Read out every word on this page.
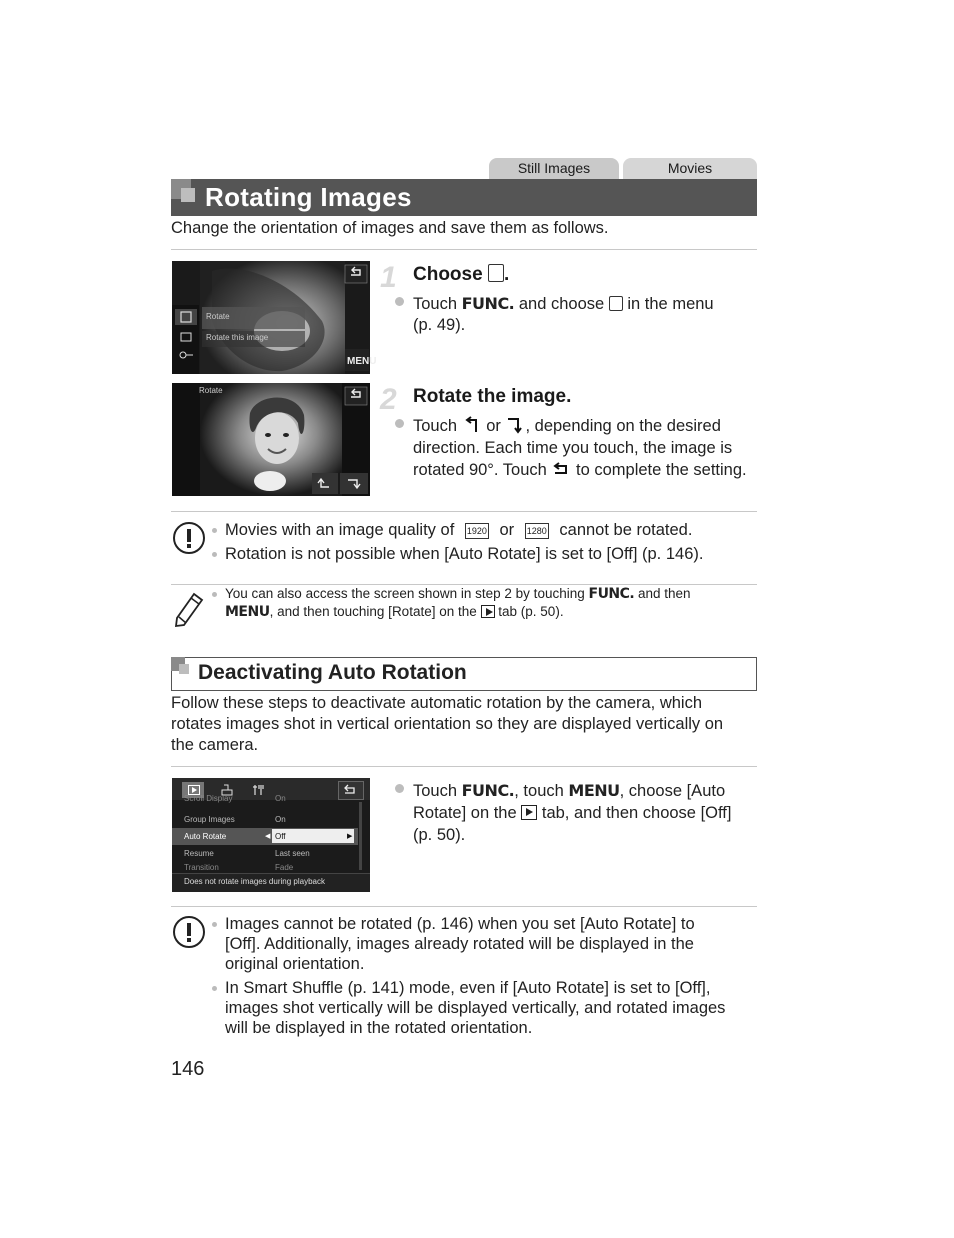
Still Images	Movies
Rotating Images
Change the orientation of images and save them as follows.
Rotate
Rotate this image
MENU
1 Choose .
Touch FUNC. and choose in the menu
(p. 49).
Rotate	2 Rotate the image.
Touch or , depending on the desired
direction. Each time you touch, the image is
rotated 90°. Touch to complete the setting.
Movies with an image quality of 1920 or 1280 cannot be rotated.
Rotation is not possible when [Auto Rotate] is set to [Off] (p. 146).
You can also access the screen shown in step 2 by touching FUNC. and then
MENU, and then touching [Rotate] on the tab (p. 50).
Deactivating Auto Rotation
Follow these steps to deactivate automatic rotation by the camera, which
rotates images shot in vertical orientation so they are displayed vertically on
the camera.
Scroll Display	On
Group Images	On
Auto Rotate	◀ Off	▶
Resume	Last seen
Transition	Fade
Does not rotate images during playback
Touch FUNC., touch MENU, choose [Auto
Rotate] on the tab, and then choose [Off]
(p. 50).
Images cannot be rotated (p. 146) when you set [Auto Rotate] to
[Off]. Additionally, images already rotated will be displayed in the
original orientation.
In Smart Shuffle (p. 141) mode, even if [Auto Rotate] is set to [Off],
images shot vertically will be displayed vertically, and rotated images
will be displayed in the rotated orientation.
146
